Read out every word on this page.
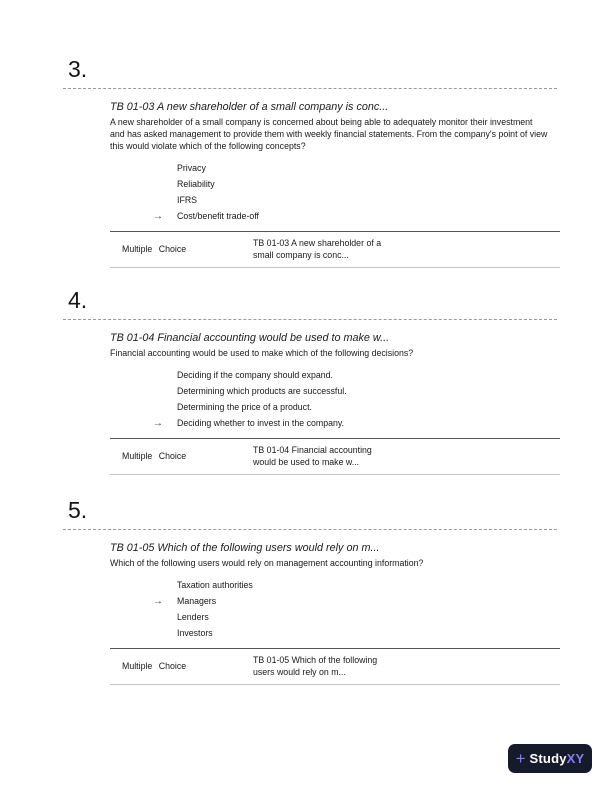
3.
TB 01-03 A new shareholder of a small company is conc...
A new shareholder of a small company is concerned about being able to adequately monitor their investment
and has asked management to provide them with weekly financial statements. From the company's point of view
this would violate which of the following concepts?
Privacy
Reliability
IFRS
→	Cost/benefit trade-off
Multiple Choice
TB 01-03 A new shareholder of a
small company is conc...
4.
TB 01-04 Financial accounting would be used to make w...
Financial accounting would be used to make which of the following decisions?
Deciding if the company should expand.
Determining which products are successful.
Determining the price of a product.
→	Deciding whether to invest in the company.
Multiple Choice
TB 01-04 Financial accounting
would be used to make w...
5.
TB 01-05 Which of the following users would rely on m...
Which of the following users would rely on management accounting information?
Taxation authorities
→	Managers
Lenders
Investors
Multiple Choice
TB 01-05 Which of the following
users would rely on m...
+ StudyXY
